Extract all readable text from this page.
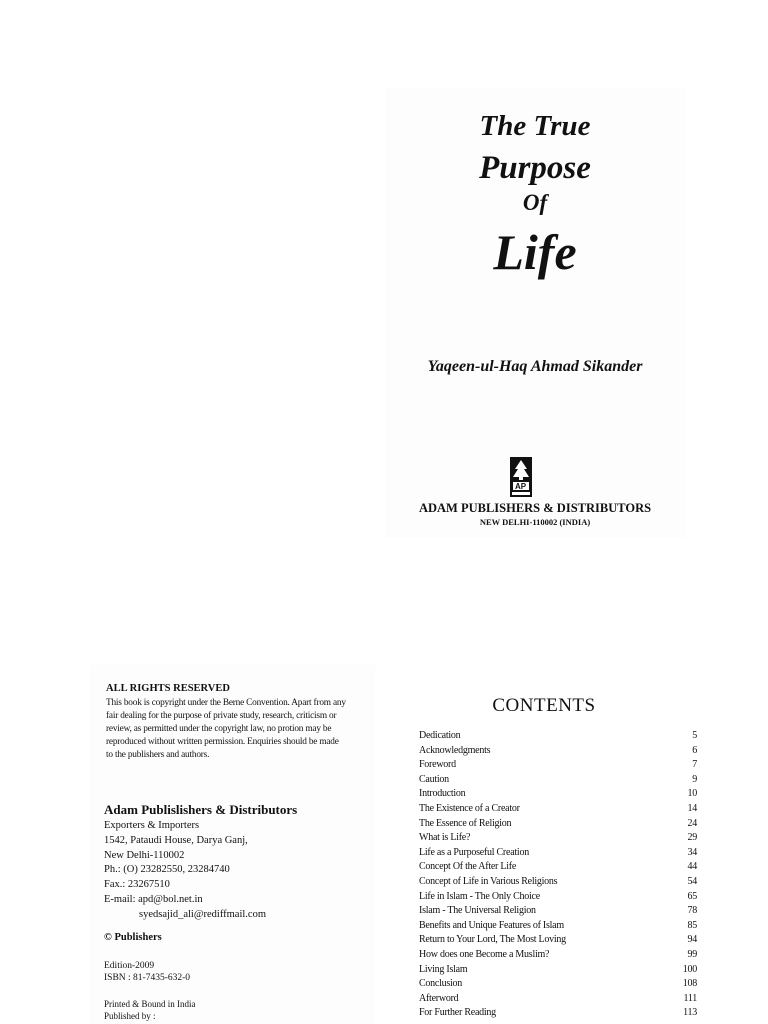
The True
Purpose
Of
Life
Yaqeen-ul-Haq Ahmad Sikander
AP
ADAM PUBLISHERS & DISTRIBUTORS
NEW DELHI-110002 (INDIA)
ALL RIGHTS RESERVED
This book is copyright under the Berne Convention. Apart from any
fair dealing for the purpose of private study, research, criticism or
review, as permitted under the copyright law, no protion may be
reproduced without written permission. Enquiries should be made
to the publishers and authors.
Adam Publislishers & Distributors
Exporters & Importers
1542, Pataudi House, Darya Ganj,
New Delhi-110002
Ph.: (O) 23282550, 23284740
Fax.: 23267510
E-mail: apd@bol.net.in
syedsajid_ali@rediffmail.com
© Publishers
Edition-2009
ISBN : 81-7435-632-0
Printed & Bound in India
Published by :
CONTENTS
Dedication	5
Acknowledgments	6
Foreword	7
Caution	9
Introduction	10
The Existence of a Creator	14
The Essence of Religion	24
What is Life?	29
Life as a Purposeful Creation	34
Concept Of the After Life	44
Concept of Life in Various Religions	54
Life in Islam - The Only Choice	65
Islam - The Universal Religion	78
Benefits and Unique Features of Islam	85
Return to Your Lord, The Most Loving	94
How does one Become a Muslim?	99
Living Islam	100
Conclusion	108
Afterword	111
For Further Reading	113
